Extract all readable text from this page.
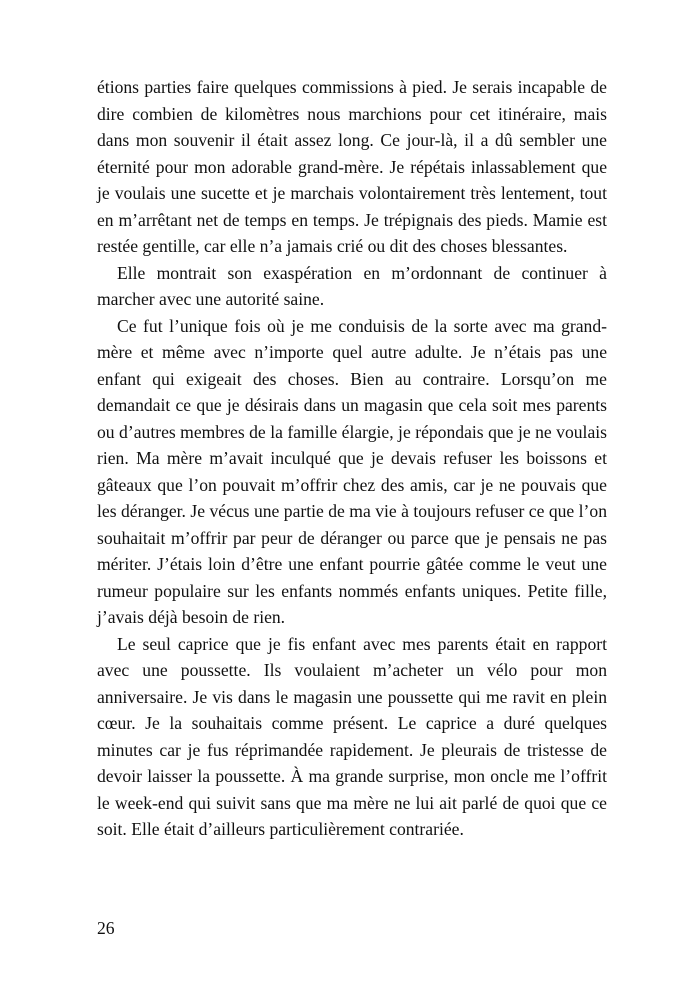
étions parties faire quelques commissions à pied. Je serais incapable de dire combien de kilomètres nous marchions pour cet itinéraire, mais dans mon souvenir il était assez long. Ce jour-là, il a dû sembler une éternité pour mon adorable grand-mère. Je répétais inlassablement que je voulais une sucette et je marchais volontairement très lentement, tout en m’arrêtant net de temps en temps. Je trépignais des pieds. Mamie est restée gentille, car elle n’a jamais crié ou dit des choses blessantes.

Elle montrait son exaspération en m’ordonnant de continuer à marcher avec une autorité saine.

Ce fut l’unique fois où je me conduisis de la sorte avec ma grand-mère et même avec n’importe quel autre adulte. Je n’étais pas une enfant qui exigeait des choses. Bien au contraire. Lorsqu’on me demandait ce que je désirais dans un magasin que cela soit mes parents ou d’autres membres de la famille élargie, je répondais que je ne voulais rien. Ma mère m’avait inculqué que je devais refuser les boissons et gâteaux que l’on pouvait m’offrir chez des amis, car je ne pouvais que les déranger. Je vécus une partie de ma vie à toujours refuser ce que l’on souhaitait m’offrir par peur de déranger ou parce que je pensais ne pas mériter. J’étais loin d’être une enfant pourrie gâtée comme le veut une rumeur populaire sur les enfants nommés enfants uniques. Petite fille, j’avais déjà besoin de rien.

Le seul caprice que je fis enfant avec mes parents était en rapport avec une poussette. Ils voulaient m’acheter un vélo pour mon anniversaire. Je vis dans le magasin une poussette qui me ravit en plein cœur. Je la souhaitais comme présent. Le caprice a duré quelques minutes car je fus réprimandée rapidement. Je pleurais de tristesse de devoir laisser la poussette. À ma grande surprise, mon oncle me l’offrit le week-end qui suivit sans que ma mère ne lui ait parlé de quoi que ce soit. Elle était d’ailleurs particulièrement contrariée.

26
